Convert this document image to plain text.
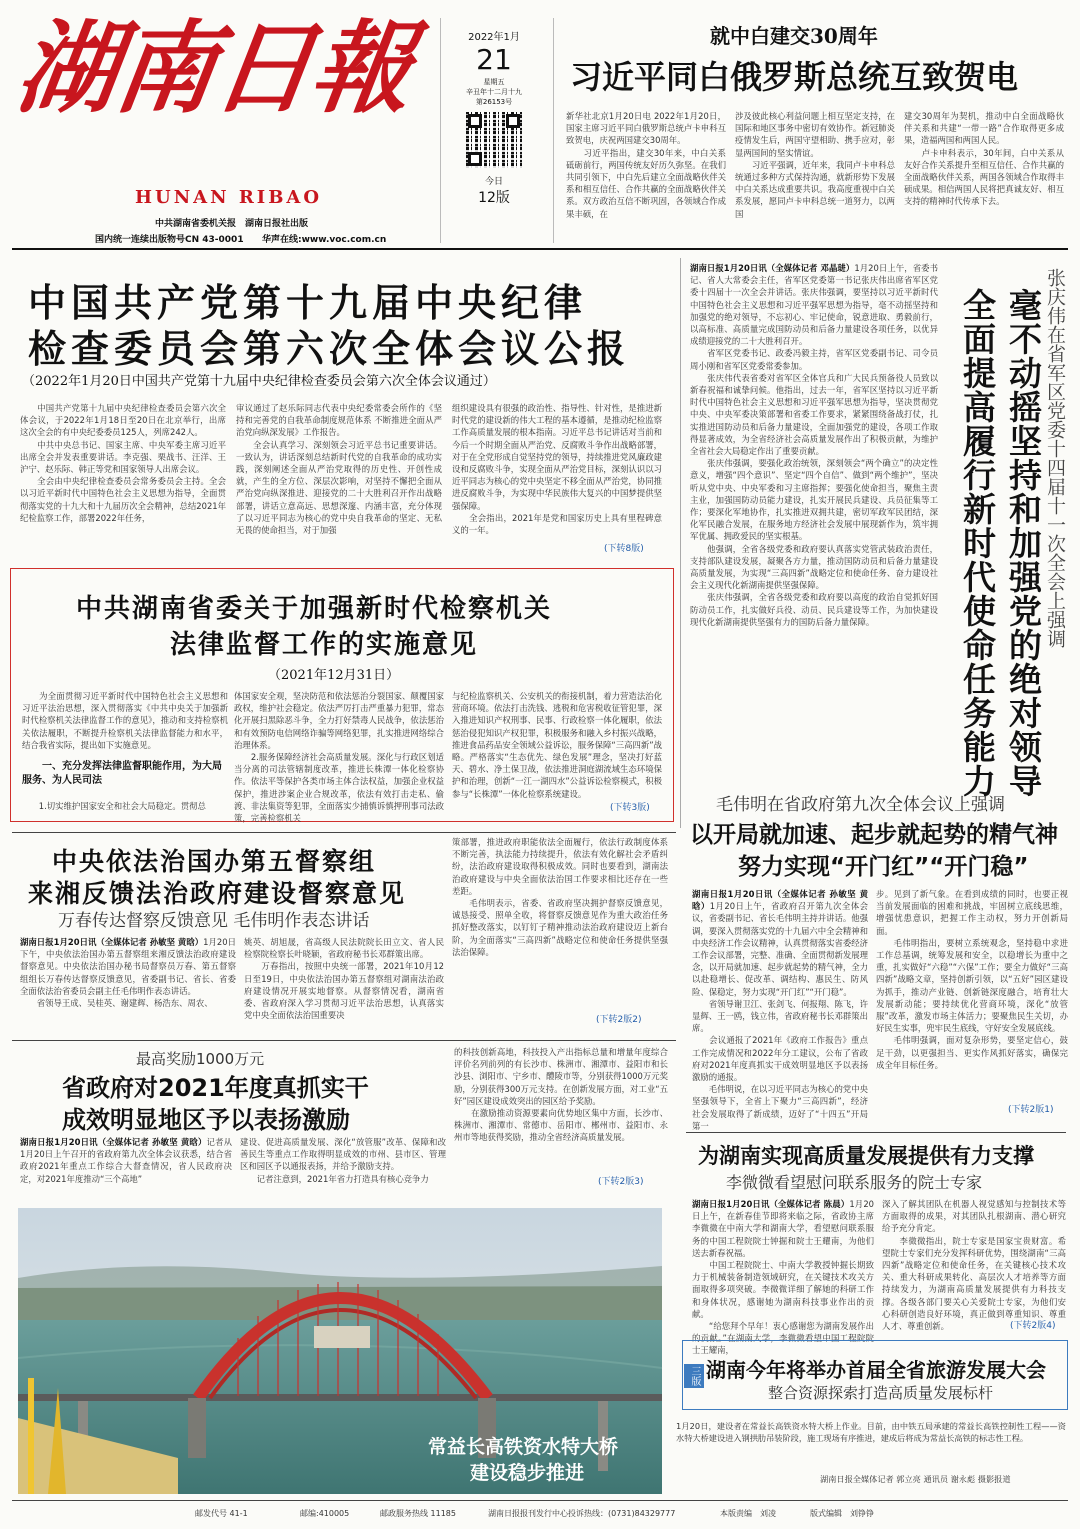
湖南日報
HUNAN RIBAO
中共湖南省委机关报　湖南日报社出版
国内统一连续出版物号CN 43-0001 华声在线:www.voc.com.cn
2022年1月
21
星期五
辛丑年十二月十九
第26153号
今日
12版
就中白建交30周年
习近平同白俄罗斯总统互致贺电
新华社北京1月20日电 2022年1月20日，国家主席习近平同白俄罗斯总统卢卡申科互致贺电，庆祝两国建交30周年。
　　习近平指出，建交30年来，中白关系砥砺前行，两国传统友好历久弥坚。在我们共同引领下，中白先后建立全面战略伙伴关系和相互信任、合作共赢的全面战略伙伴关系。双方政治互信不断巩固，各领域合作成果丰硕，在
涉及彼此核心利益问题上相互坚定支持，在国际和地区事务中密切有效协作。新冠肺炎疫情发生后，两国守望相助、携手应对，彰显两国间的坚实情谊。
　　习近平强调，近年来，我同卢卡申科总统通过多种方式保持沟通，就新形势下发展中白关系达成重要共识。我高度重视中白关系发展，愿同卢卡申科总统一道努力，以两国
建交30周年为契机，推动中白全面战略伙伴关系和共建“一带一路”合作取得更多成果，造福两国和两国人民。
　　卢卡申科表示，30年间，白中关系从友好合作关系提升至相互信任、合作共赢的全面战略伙伴关系，两国各领域合作取得丰硕成果。相信两国人民将把真诚友好、相互支持的精神时代传承下去。
中国共产党第十九届中央纪律
检查委员会第六次全体会议公报
（2022年1月20日中国共产党第十九届中央纪律检查委员会第六次全体会议通过）
　　中国共产党第十九届中央纪律检查委员会第六次全体会议，于2022年1月18日至20日在北京举行，出席这次全会的有中央纪委委员125人，列席242人。
　　中共中央总书记、国家主席、中央军委主席习近平出席全会并发表重要讲话。李克强、栗战书、汪洋、王沪宁、赵乐际、韩正等党和国家领导人出席会议。
　　全会由中央纪律检查委员会常务委员会主持。全会以习近平新时代中国特色社会主义思想为指导，全面贯彻落实党的十九大和十九届历次全会精神，总结2021年纪检监察工作，部署2022年任务，
审议通过了赵乐际同志代表中央纪委常委会所作的《坚持和完善党的自我革命制度规范体系 不断推进全面从严治党向纵深发展》工作报告。
　　全会认真学习、深刻领会习近平总书记重要讲话。一致认为，讲话深刻总结新时代党的自我革命的成功实践，深刻阐述全面从严治党取得的历史性、开创性成就，产生的全方位、深层次影响，对坚持不懈把全面从严治党向纵深推进、迎接党的二十大胜利召开作出战略部署，讲话立意高远、思想深邃、内涵丰富，充分体现了以习近平同志为核心的党中央自我革命的坚定、无私无畏的使命担当，对于加强
组织建设具有很强的政治性、指导性、针对性，是推进新时代党的建设新的伟大工程的基本遵循，是推动纪检监察工作高质量发展的根本指南。习近平总书记讲话对当前和今后一个时期全面从严治党、反腐败斗争作出战略部署，对于在全党形成自觉坚持党的领导，持续推进党风廉政建设和反腐败斗争，实现全面从严治党目标，深刻认识以习近平同志为核心的党中央坚定不移全面从严治党，协同推进反腐败斗争，为实现中华民族伟大复兴的中国梦提供坚强保障。
　　全会指出，2021年是党和国家历史上具有里程碑意义的一年。
(下转8版)
中共湖南省委关于加强新时代检察机关
法律监督工作的实施意见
（2021年12月31日）
　　为全面贯彻习近平新时代中国特色社会主义思想和习近平法治思想，深入贯彻落实《中共中央关于加强新时代检察机关法律监督工作的意见》，推动和支持检察机关依法履职，不断提升检察机关法律监督能力和水平，结合我省实际，提出如下实施意见。
　　一、充分发挥法律监督职能作用，为大局服务、为人民司法
　　1.切实维护国家安全和社会大局稳定。贯彻总
体国家安全观，坚决防范和依法惩治分裂国家、颠覆国家政权，维护社会稳定。依法严厉打击严重暴力犯罪，常态化开展扫黑除恶斗争，全力打好禁毒人民战争，依法惩治和有效预防电信网络诈骗等网络犯罪，扎实推进网络综合治理体系。
　　2.服务保障经济社会高质量发展。深化与行政区划适当分离的司法管辖制度改革，推进长株潭一体化检察协作。依法平等保护各类市场主体合法权益，加强企业权益保护，推进涉案企业合规改革，依法有效打击走私、偷渡、非法集资等犯罪，全面落实少捕慎诉慎押刑事司法政策，完善检察机关
与纪检监察机关、公安机关的衔接机制，着力营造法治化营商环境。依法打击洗钱、逃税和危害税收征管犯罪，深入推进知识产权刑事、民事、行政检察一体化履职，依法惩治侵犯知识产权犯罪，积极服务和融入乡村振兴战略，推进食品药品安全领域公益诉讼，服务保障“三高四新”战略。严格落实“生态优先、绿色发展”理念，坚决打好蓝天、碧水、净土保卫战，依法推进洞庭湖流域生态环境保护和治理，创新“一江一湖四水”公益诉讼检察模式，积极参与“长株潭”一体化检察系统建设。
(下转3版)
湖南日报1月20日讯（全媒体记者 邓晶琎）1月20日上午，省委书记、省人大常委会主任，省军区党委第一书记张庆伟出席省军区党委十四届十一次全会并讲话。张庆伟强调，要坚持以习近平新时代中国特色社会主义思想和习近平强军思想为指导，毫不动摇坚持和加强党的绝对领导，不忘初心、牢记使命，锐意进取、勇毅前行，以高标准、高质量完成国防动员和后备力量建设各项任务，以优异成绩迎接党的二十大胜利召开。
　　省军区党委书记、政委冯毅主持，省军区党委副书记、司令员周小刚和省军区党委常委参加。
　　张庆伟代表省委对省军区全体官兵和广大民兵预备役人员致以新春祝福和诚挚问候。他指出，过去一年，省军区坚持以习近平新时代中国特色社会主义思想和习近平强军思想为指导，坚决贯彻党中央、中央军委决策部署和省委工作要求，紧紧围绕备战打仗，扎实推进国防动员和后备力量建设，全面加强党的建设，各项工作取得显著成效，为全省经济社会高质量发展作出了积极贡献，为维护全省社会大局稳定作出了重要贡献。
　　张庆伟强调，要强化政治统领，深刻领会“两个确立”的决定性意义，增强“四个意识”、坚定“四个自信”、做到“两个维护”，坚决听从党中央、中央军委和习主席指挥；要强化使命担当，聚焦主责主业，加强国防动员能力建设，扎实开展民兵建设、兵员征集等工作；要深化军地协作，扎实推进双拥共建，密切军政军民团结，深化军民融合发展，在服务地方经济社会发展中展现新作为，筑牢拥军优属、拥政爱民的坚实根基。
　　他强调，全省各级党委和政府要认真落实党管武装政治责任，支持部队建设发展，凝聚各方力量，推动国防动员和后备力量建设高质量发展，为实现“三高四新”战略定位和使命任务、奋力建设社会主义现代化新湖南提供坚强保障。
　　张庆伟强调，全省各级党委和政府要以高度的政治自觉抓好国防动员工作，扎实做好兵役、动员、民兵建设等工作，为加快建设现代化新湖南提供坚强有力的国防后备力量保障。	毫不动摇坚持和加强党的绝对领导
全面提高履行新时代使命任务能力 张庆伟在省军区党委十四届十一次全会上强调
毛伟明在省政府第九次全体会议上强调
以开局就加速、起步就起势的精气神
努力实现“开门红”“开门稳”
湖南日报1月20日讯（全媒体记者 孙敏坚 黄晗）1月20日上午，省政府召开第九次全体会议，省委副书记、省长毛伟明主持并讲话。他强调，要深入贯彻落实党的十九届六中全会精神和中央经济工作会议精神，认真贯彻落实省委经济工作会议部署，完整、准确、全面贯彻新发展理念，以开局就加速、起步就起势的精气神，全力以赴稳增长、促改革、调结构、惠民生、防风险、保稳定，努力实现“开门红”“开门稳”。
　　省领导谢卫江、张剑飞、何报翔、陈飞，许显辉、王一鸥，钱立伟，省政府秘书长邓群策出席。
　　会议通报了2021年《政府工作报告》重点工作完成情况和2022年分工建议，公布了省政府对2021年度真抓实干成效明显地区予以表扬激励的通报。
　　毛伟明说，在以习近平同志为核心的党中央坚强领导下，全省上下聚力“三高四新”，经济社会发展取得了新成绩，迈好了“十四五”开局第一
步。见到了新气象。在看到成绩的同时，也要正视当前发展面临的困难和挑战，牢固树立底线思维，增强忧患意识，把握工作主动权，努力开创新局面。
　　毛伟明指出，要树立系统观念，坚持稳中求进工作总基调，统筹发展和安全，以稳增长为重中之重，扎实做好“六稳”“六保”工作；要全力做好“三高四新”战略文章，坚持创新引领，以“五好”园区建设为抓手，推动产业链、创新链深度融合，培育壮大发展新动能；要持续优化营商环境，深化“放管服”改革，激发市场主体活力；要聚焦民生关切，办好民生实事，兜牢民生底线，守好安全发展底线。
　　毛伟明强调，面对复杂形势，要坚定信心，鼓足干劲，以更强担当、更实作风抓好落实，确保完成全年目标任务。
(下转2版1)
中央依法治国办第五督察组
来湘反馈法治政府建设督察意见
万春传达督察反馈意见 毛伟明作表态讲话
湖南日报1月20日讯（全媒体记者 孙敏坚 黄晗）1月20日下午，中央依法治国办第五督察组来湘反馈法治政府建设督察意见。中央依法治国办秘书局督察员万春、第五督察组组长万春传达督察反馈意见，省委副书记、省长、省委全面依法治省委员会副主任毛伟明作表态讲话。
　　省领导王成、吴桂英、谢建辉、杨浩东、周农、
姚英、胡旭晟，省高级人民法院院长田立文、省人民检察院检察长叶晓颖，省政府秘书长邓群策出席。
　　万春指出，按照中央统一部署，2021年10月12日至19日，中央依法治国办第五督察组对湖南法治政府建设情况开展实地督察。从督察情况看，湖南省委、省政府深入学习贯彻习近平法治思想，认真落实党中央全面依法治国重要决
策部署，推进政府职能依法全面履行，依法行政制度体系不断完善，执法能力持续提升，依法有效化解社会矛盾纠纷，法治政府建设取得积极成效。同时也要看到，湖南法治政府建设与中央全面依法治国工作要求相比还存在一些差距。
　　毛伟明表示，省委、省政府坚决拥护督察反馈意见，诚恳接受、照单全收，将督察反馈意见作为重大政治任务抓好整改落实，以钉钉子精神推动法治政府建设迈上新台阶，为全面落实“三高四新”战略定位和使命任务提供坚强法治保障。
(下转2版2)
最高奖励1000万元
省政府对2021年度真抓实干
成效明显地区予以表扬激励
湖南日报1月20日讯（全媒体记者 孙敏坚 黄晗）记者从1月20日上午召开的省政府第九次全体会议获悉，结合省政府2021年重点工作综合大督查情况，省人民政府决定，对2021年度推动“三个高地”
建设、促进高质量发展、深化“放管服”改革、保障和改善民生等重点工作取得明显成效的市州、县市区、管理区和园区予以通报表扬，并给予激励支持。
　　记者注意到，2021年省力打造具有核心竞争力
的科技创新高地，科技投入产出指标总量和增量年度综合评价名列前列的有长沙市、株洲市、湘潭市、益阳市和长沙县、浏阳市、宁乡市、醴陵市等，分别获得1000万元奖励，分别获得300万元支持。在创新发展方面，对工业“五好”园区建设成效突出的园区给予奖励。
　　在激励推动资源要素向优势地区集中方面，长沙市、株洲市、湘潭市、常德市、岳阳市、郴州市、益阳市、永州市等地获得奖励，推动全省经济高质量发展。
(下转2版3)
为湖南实现高质量发展提供有力支撑
李微微看望慰问联系服务的院士专家
湖南日报1月20日讯（全媒体记者 陈晨）1月20日上午，在新春佳节即将来临之际，省政协主席李微微在中南大学和湖南大学，看望慰问联系服务的中国工程院院士钟掘和院士王耀南，为他们送去新春祝福。
　　中国工程院院士、中南大学教授钟掘长期致力于机械装备制造领域研究，在关键技术攻关方面取得多项突破。李微微详细了解她的科研工作和身体状况，感谢她为湖南科技事业作出的贡献。
　　“给您拜个早年！衷心感谢您为湖南发展作出的贡献。”在湖南大学，李微微看望中国工程院院士王耀南，
深入了解其团队在机器人视觉感知与控制技术等方面取得的成果，对其团队扎根湖南、潜心研究给予充分肯定。
　　李微微指出，院士专家是国家宝贵财富。希望院士专家们充分发挥科研优势，围绕湖南“三高四新”战略定位和使命任务，在关键核心技术攻关、重大科研成果转化、高层次人才培养等方面持续发力，为湖南高质量发展提供有力科技支撑。各级各部门要关心关爱院士专家，为他们安心科研创造良好环境，真正做到尊重知识、尊重人才、尊重创新。	(下转2版4)
三版 湖南今年将举办首届全省旅游发展大会
整合资源探索打造高质量发展标杆
常益长高铁资水特大桥
建设稳步推进
1月20日，建设者在常益长高铁资水特大桥上作业。目前，由中铁五局承建的常益长高铁控制性工程——资水特大桥建设进入钢拱肋吊装阶段，施工现场有序推进，建成后将成为常益长高铁的标志性工程。
湖南日报全媒体记者 郭立亮 通讯员 谢永彪 摄影报道
邮发代号 41-1	邮编:410005	邮政服务热线 11185	湖南日报报刊发行中心投诉热线：(0731)84329777	本版责编　刘凌	版式编辑　刘铮铮
